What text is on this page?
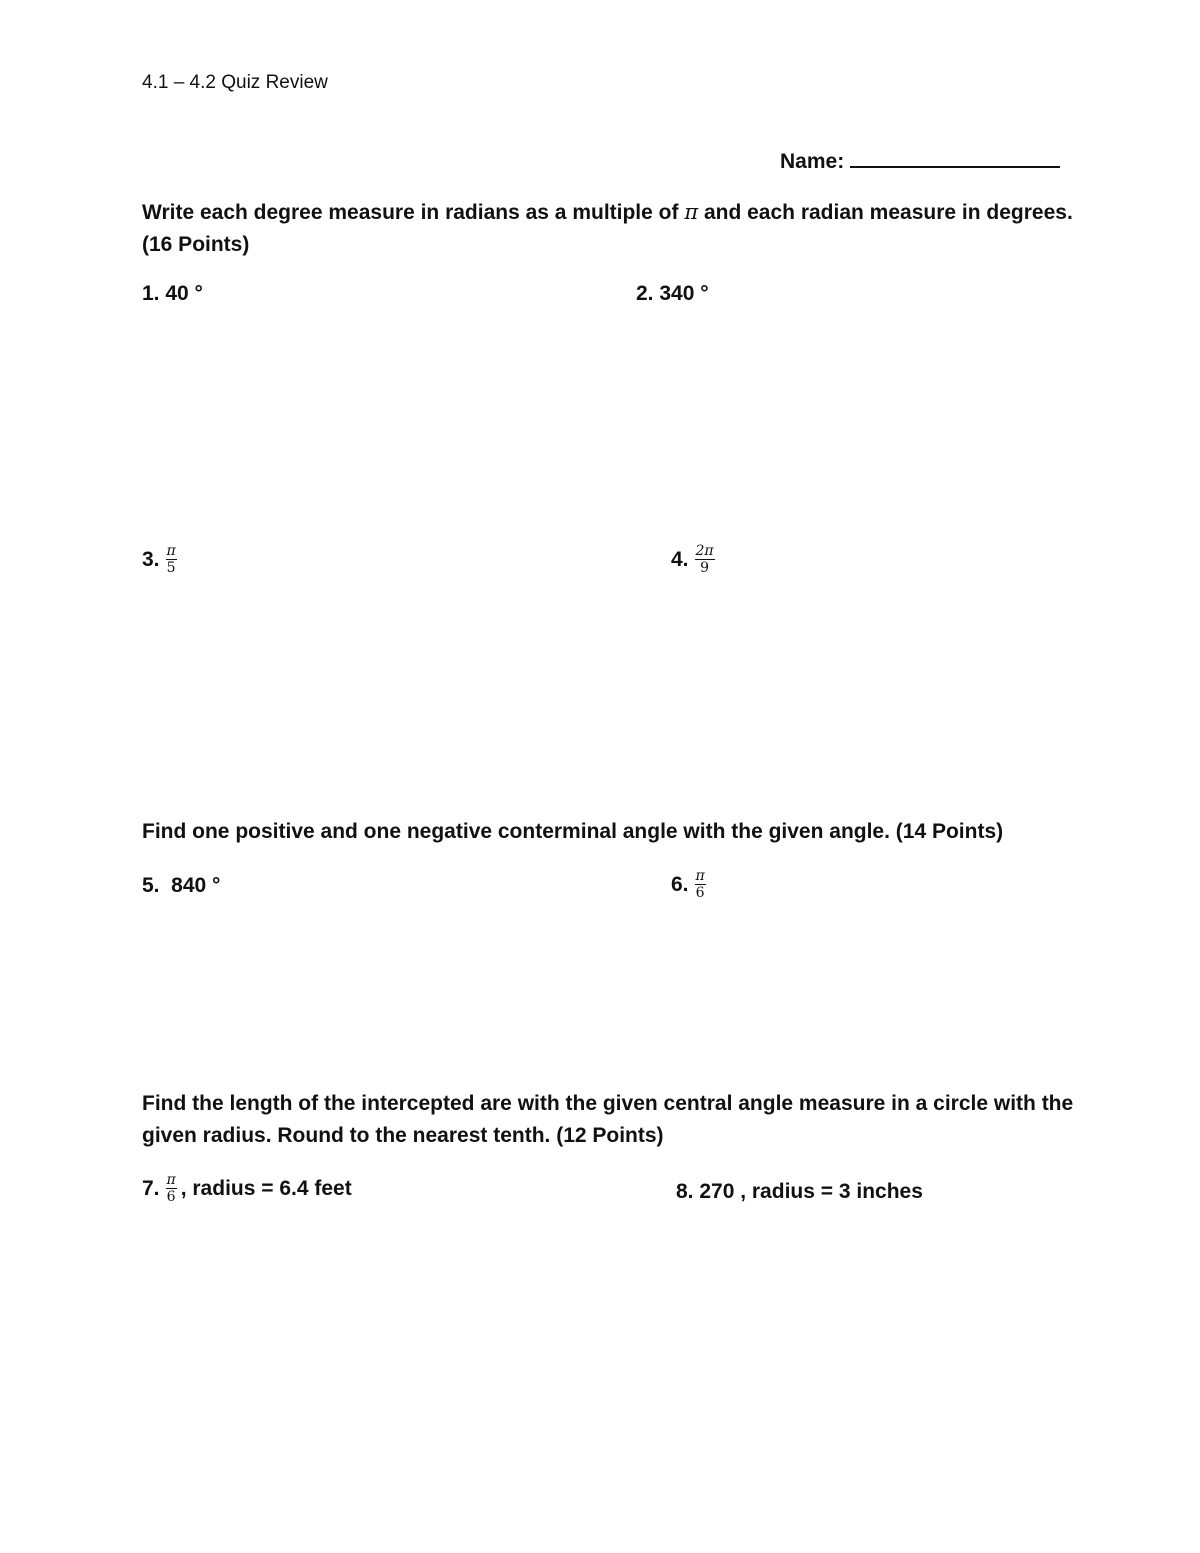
4.1 – 4.2 Quiz Review
Name:
Write each degree measure in radians as a multiple of π and each radian measure in degrees.
(16 Points)
1. 40 °	2. 340 °
3. $\frac{\pi}{5}$	4. $\frac{2\pi}{9}$
Find one positive and one negative conterminal angle with the given angle. (14 Points)
5.  840 °	6. $\frac{\pi}{6}$
Find the length of the intercepted are with the given central angle measure in a circle with the
given radius. Round to the nearest tenth. (12 Points)
7. $\frac{\pi}{6}$ , radius = 6.4 feet	8. 270 , radius = 3 inches
